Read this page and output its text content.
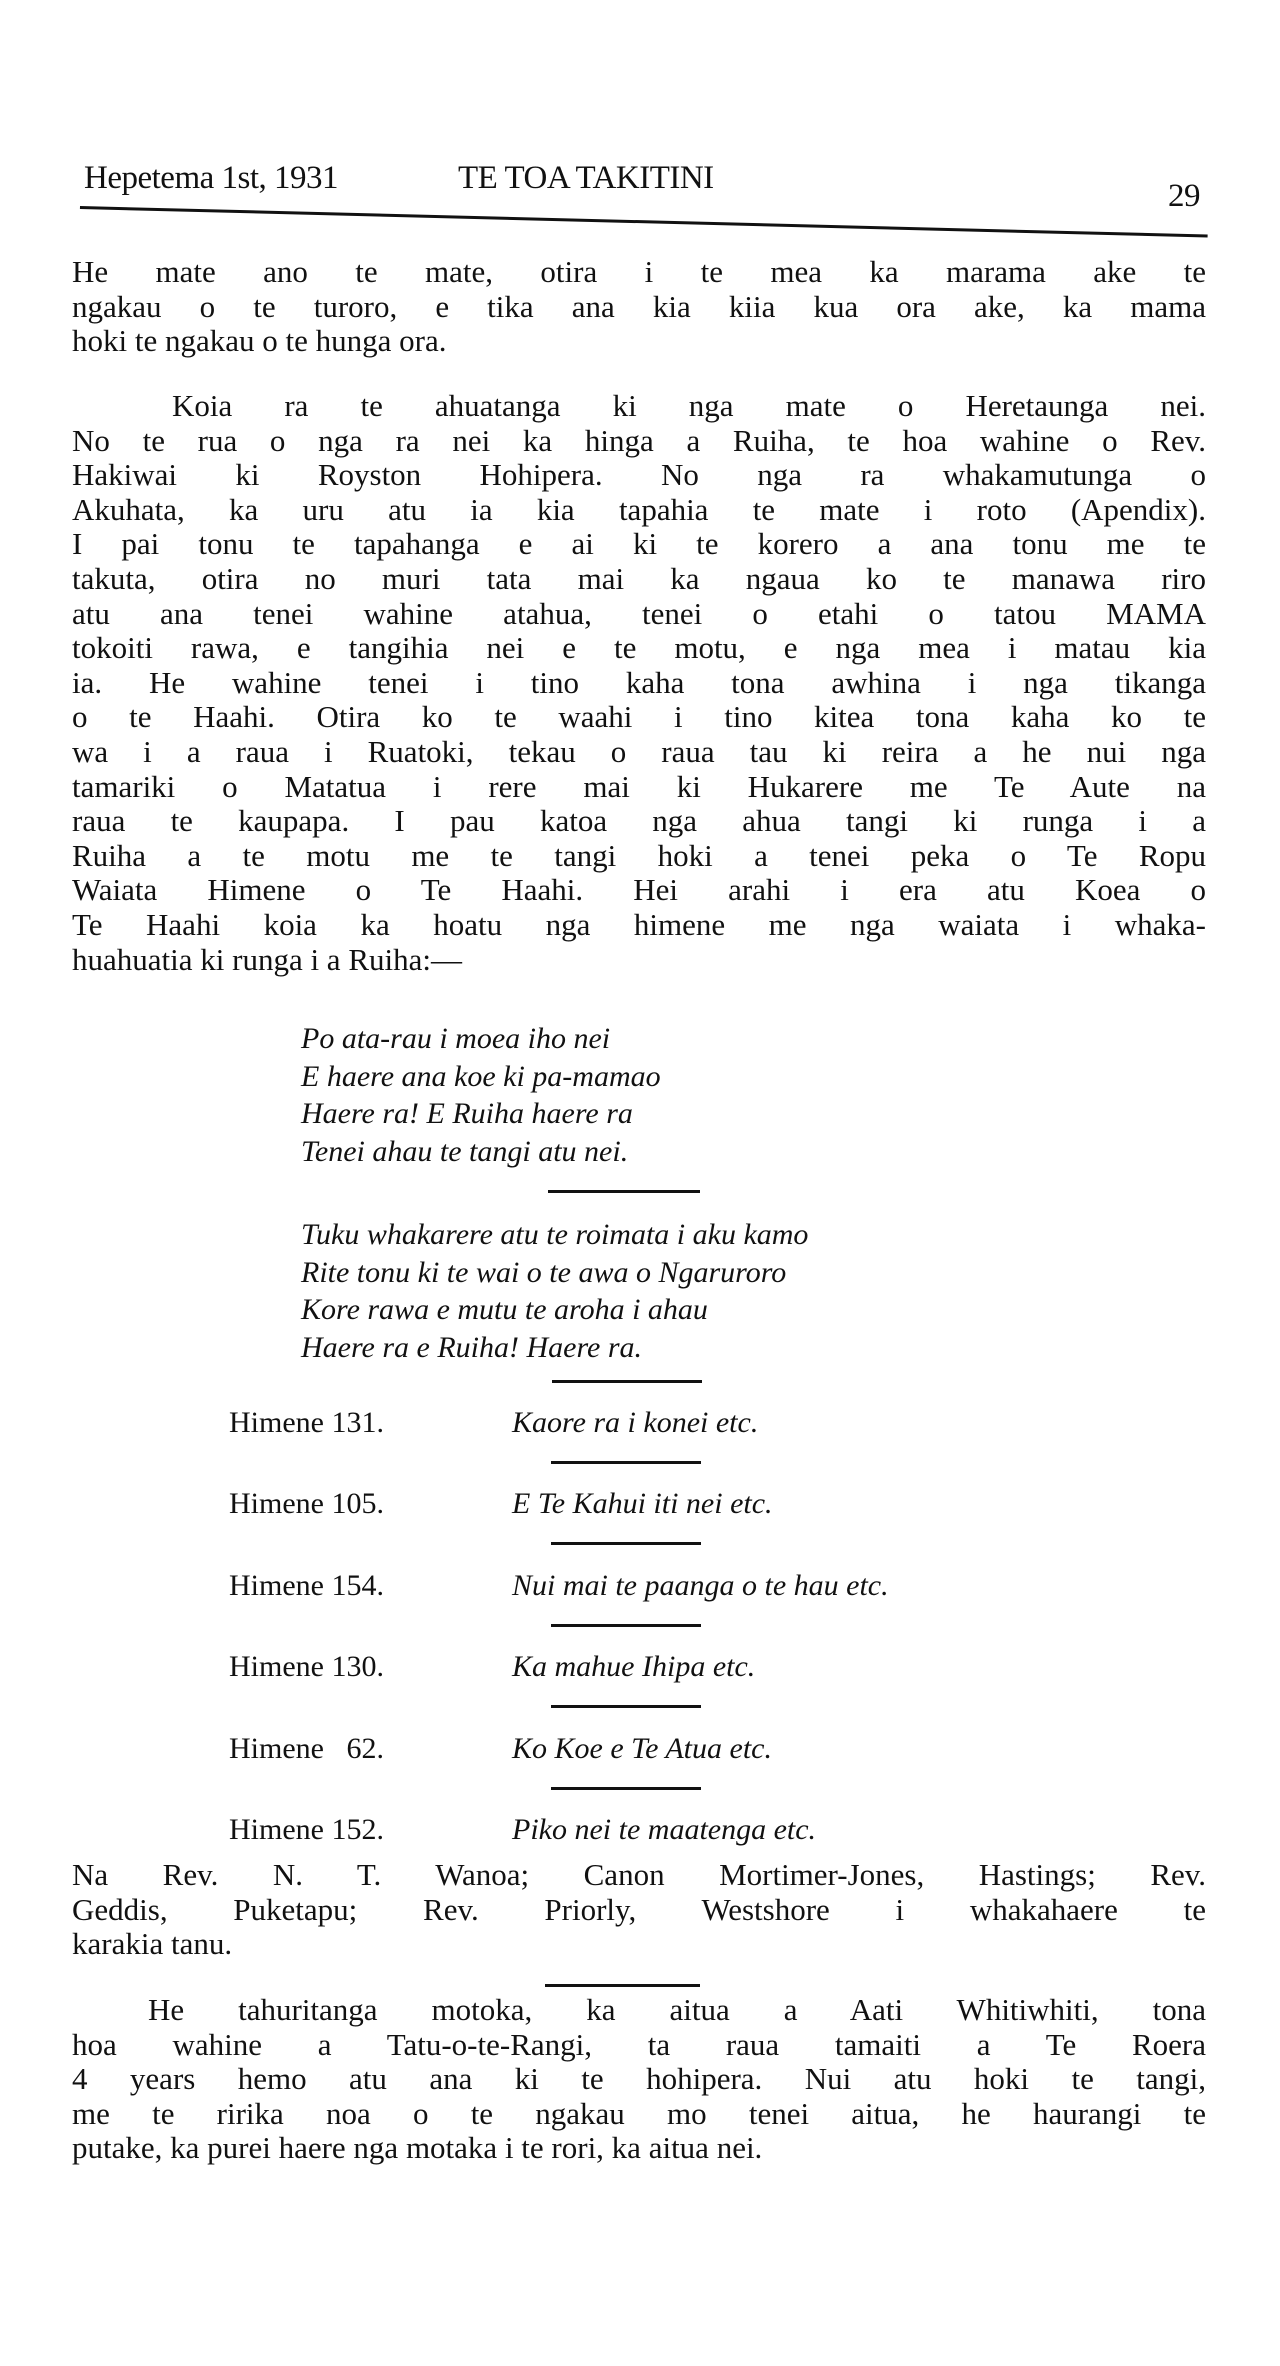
Hepetema 1st, 1931	TE TOA TAKITINI	29
He mate ano te mate, otira i te mea ka marama ake te
ngakau o te turoro, e tika ana kia kiia kua ora ake, ka mama
hoki te ngakau o te hunga ora.
Koia ra te ahuatanga ki nga mate o Heretaunga nei.
No te rua o nga ra nei ka hinga a Ruiha, te hoa wahine o Rev.
Hakiwai ki Royston Hohipera. No nga ra whakamutunga o
Akuhata, ka uru atu ia kia tapahia te mate i roto (Apendix).
I pai tonu te tapahanga e ai ki te korero a ana tonu me te
takuta, otira no muri tata mai ka ngaua ko te manawa riro
atu ana tenei wahine atahua, tenei o etahi o tatou MAMA
tokoiti rawa, e tangihia nei e te motu, e nga mea i matau kia
ia. He wahine tenei i tino kaha tona awhina i nga tikanga
o te Haahi. Otira ko te waahi i tino kitea tona kaha ko te
wa i a raua i Ruatoki, tekau o raua tau ki reira a he nui nga
tamariki o Matatua i rere mai ki Hukarere me Te Aute na
raua te kaupapa. I pau katoa nga ahua tangi ki runga i a
Ruiha a te motu me te tangi hoki a tenei peka o Te Ropu
Waiata Himene o Te Haahi. Hei arahi i era atu Koea o
Te Haahi koia ka hoatu nga himene me nga waiata i whaka-
huahuatia ki runga i a Ruiha:—
Po ata-rau i moea iho nei
E haere ana koe ki pa-mamao
Haere ra! E Ruiha haere ra
Tenei ahau te tangi atu nei.
Tuku whakarere atu te roimata i aku kamo
Rite tonu ki te wai o te awa o Ngaruroro
Kore rawa e mutu te aroha i ahau
Haere ra e Ruiha! Haere ra.
Himene 131.	Kaore ra i konei etc.
Himene 105.	E Te Kahui iti nei etc.
Himene 154.	Nui mai te paanga o te hau etc.
Himene 130.	Ka mahue Ihipa etc.
Himene  62.	Ko Koe e Te Atua etc.
Himene 152.	Piko nei te maatenga etc.
Na Rev. N. T. Wanoa; Canon Mortimer-Jones, Hastings; Rev.
Geddis, Puketapu; Rev. Priorly, Westshore i whakahaere te
karakia tanu.
He tahuritanga motoka, ka aitua a Aati Whitiwhiti, tona
hoa wahine a Tatu-o-te-Rangi, ta raua tamaiti a Te Roera
4 years hemo atu ana ki te hohipera. Nui atu hoki te tangi,
me te ririka noa o te ngakau mo tenei aitua, he haurangi te
putake, ka purei haere nga motaka i te rori, ka aitua nei.
